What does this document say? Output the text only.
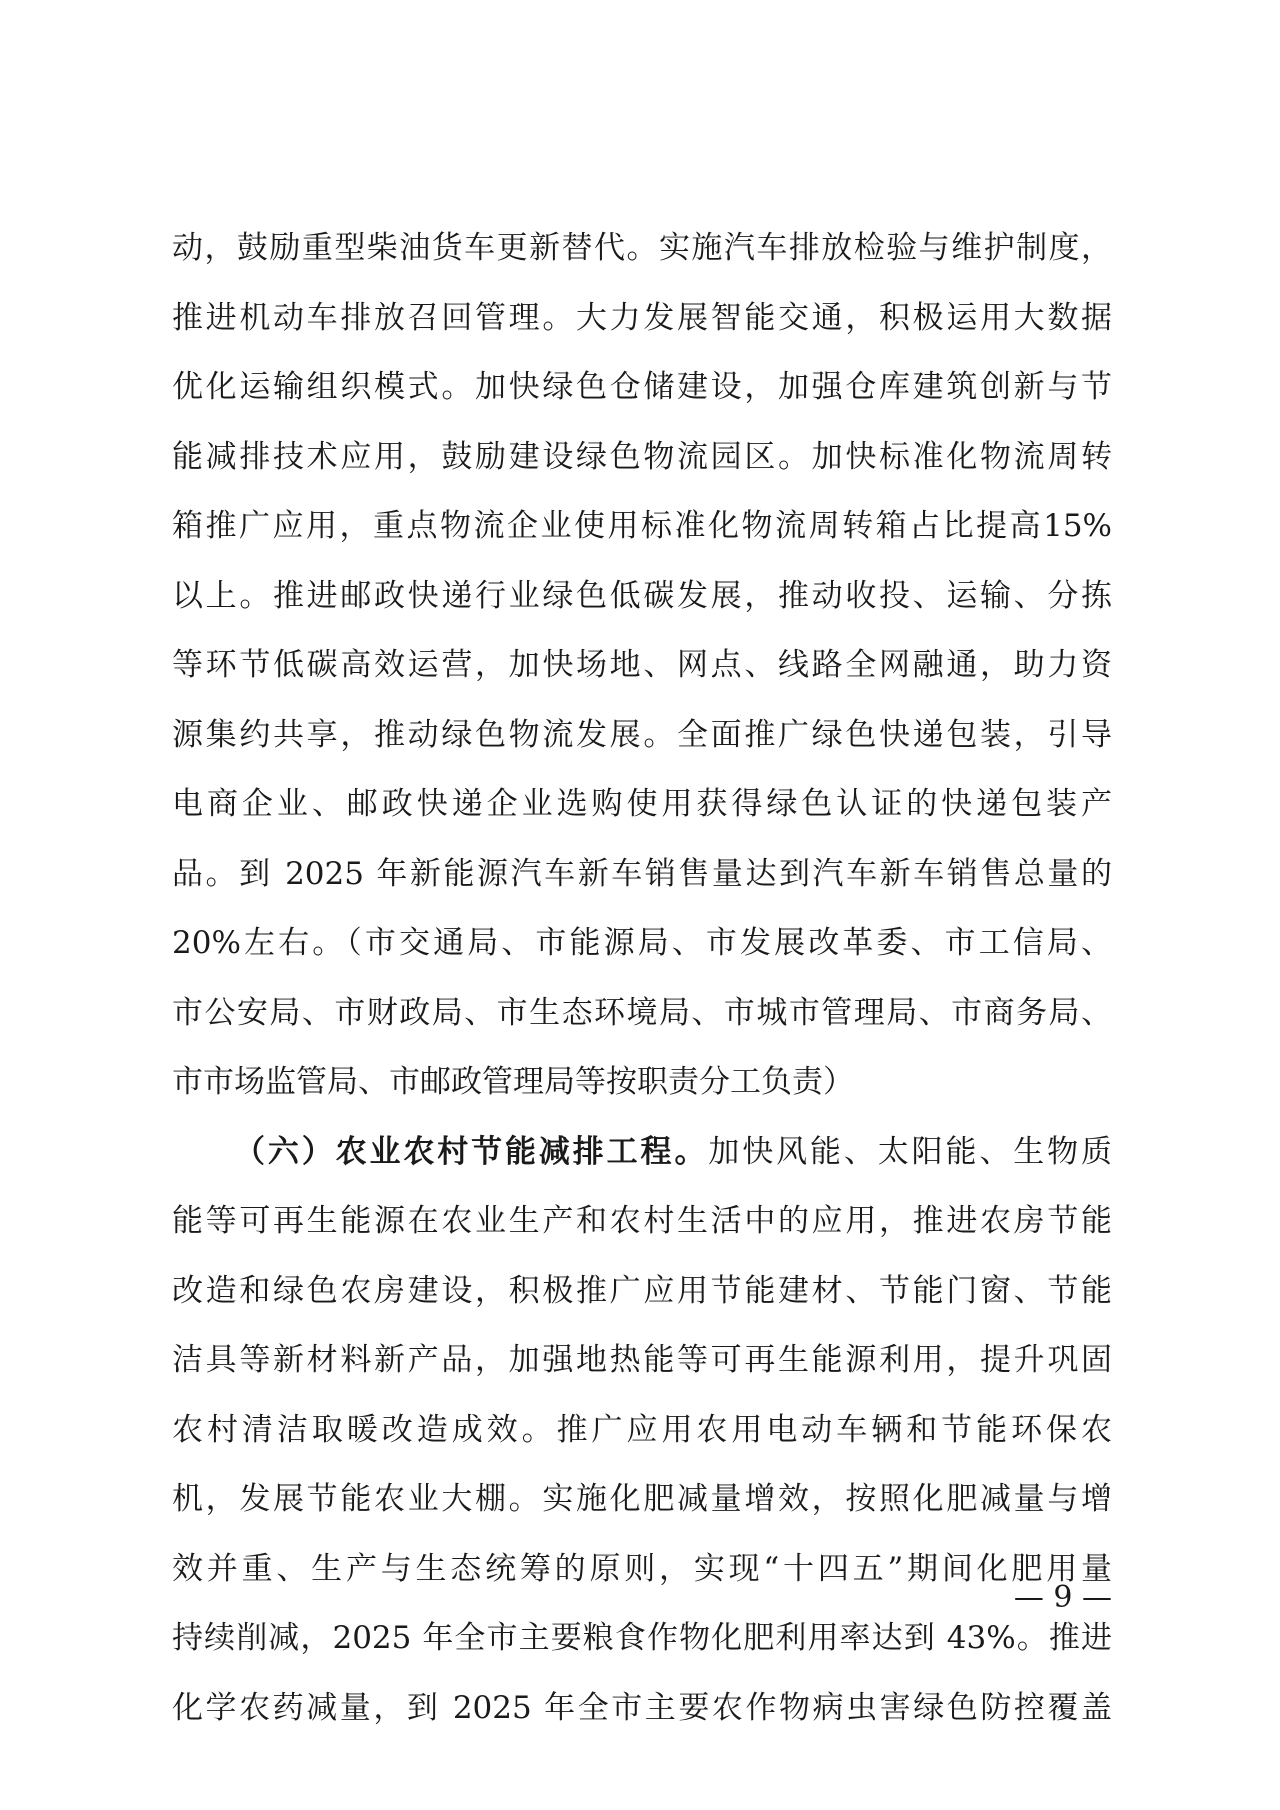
动，鼓励重型柴油货车更新替代。实施汽车排放检验与维护制度，
推进机动车排放召回管理。大力发展智能交通，积极运用大数据
优化运输组织模式。加快绿色仓储建设，加强仓库建筑创新与节
能减排技术应用，鼓励建设绿色物流园区。加快标准化物流周转
箱推广应用，重点物流企业使用标准化物流周转箱占比提高15%
以上。推进邮政快递行业绿色低碳发展，推动收投、运输、分拣
等环节低碳高效运营，加快场地、网点、线路全网融通，助力资
源集约共享，推动绿色物流发展。全面推广绿色快递包装，引导
电商企业、邮政快递企业选购使用获得绿色认证的快递包装产
品。到 2025 年新能源汽车新车销售量达到汽车新车销售总量的
20%左右。（市交通局、市能源局、市发展改革委、市工信局、
市公安局、市财政局、市生态环境局、市城市管理局、市商务局、
市市场监管局、市邮政管理局等按职责分工负责）
（六）农业农村节能减排工程。加快风能、太阳能、生物质
能等可再生能源在农业生产和农村生活中的应用，推进农房节能
改造和绿色农房建设，积极推广应用节能建材、节能门窗、节能
洁具等新材料新产品，加强地热能等可再生能源利用，提升巩固
农村清洁取暖改造成效。推广应用农用电动车辆和节能环保农
机，发展节能农业大棚。实施化肥减量增效，按照化肥减量与增
效并重、生产与生态统筹的原则，实现“十四五”期间化肥用量
持续削减，2025 年全市主要粮食作物化肥利用率达到 43%。推进
化学农药减量，到 2025 年全市主要农作物病虫害绿色防控覆盖
— 9 —
